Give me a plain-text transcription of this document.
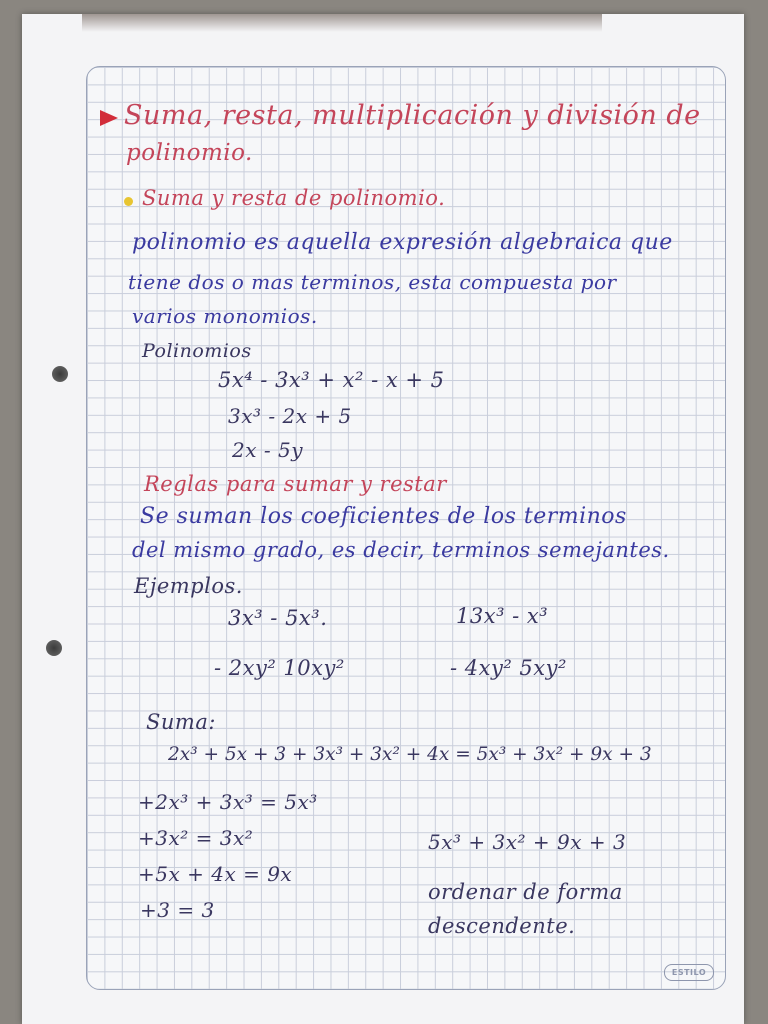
Suma, resta, multiplicación y división de
polinomio.
Suma y resta de polinomio.
polinomio es aquella expresión algebraica que
tiene dos o mas terminos, esta compuesta por
varios monomios.
Polinomios
5x⁴ - 3x³ + x² - x + 5
3x³ - 2x + 5
2x - 5y
Reglas para sumar y restar
Se suman los coeficientes de los terminos
del mismo grado, es decir, terminos semejantes.
Ejemplos.
3x³ - 5x³.	13x³ - x³
- 2xy² 10xy²	- 4xy² 5xy²
Suma:
2x³ + 5x + 3 + 3x³ + 3x² + 4x = 5x³ + 3x² + 9x + 3
+2x³ + 3x³ = 5x³
+3x² = 3x²
+5x + 4x = 9x
+3 = 3
5x³ + 3x² + 9x + 3
ordenar de forma
descendente.
ESTILO
